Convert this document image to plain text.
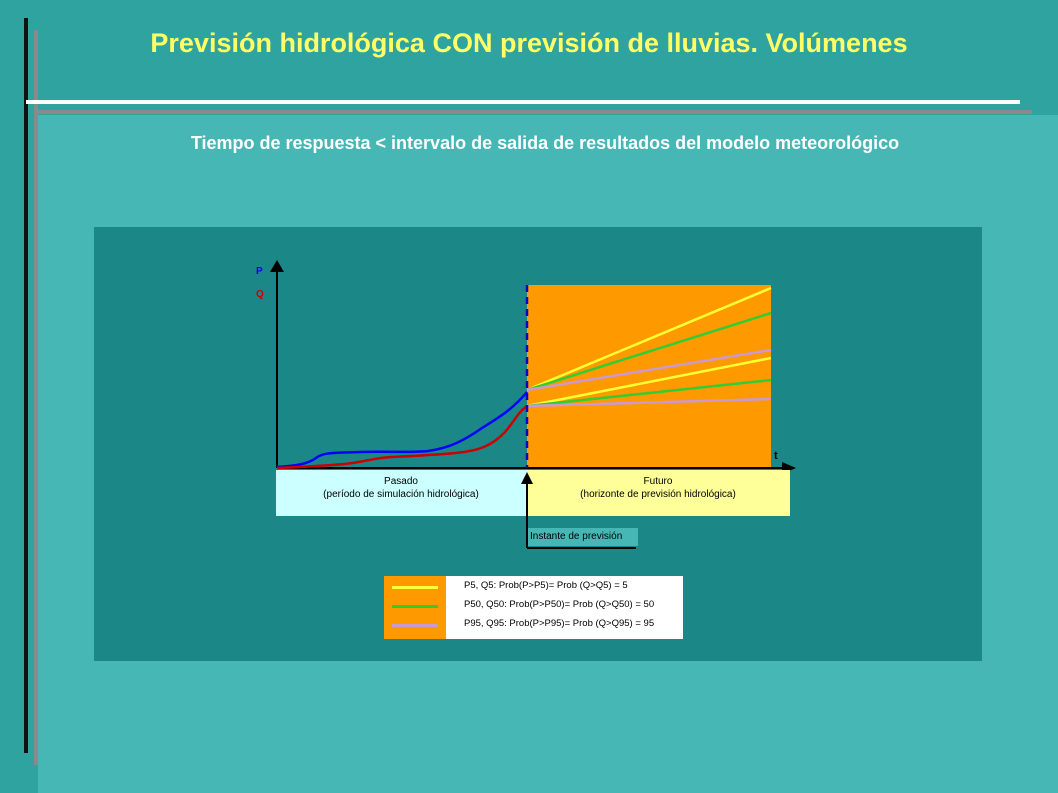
Previsión hidrológica CON previsión de lluvias. Volúmenes
Tiempo de respuesta < intervalo de salida de resultados del modelo meteorológico
P
Q
t
Pasado
(período de simulación hidrológica)
Futuro
(horizonte de previsión hidrológica)
Instante de previsión
P5, Q5: Prob(P>P5)= Prob (Q>Q5) = 5
P50, Q50: Prob(P>P50)= Prob (Q>Q50) = 50
P95, Q95: Prob(P>P95)= Prob (Q>Q95) = 95
